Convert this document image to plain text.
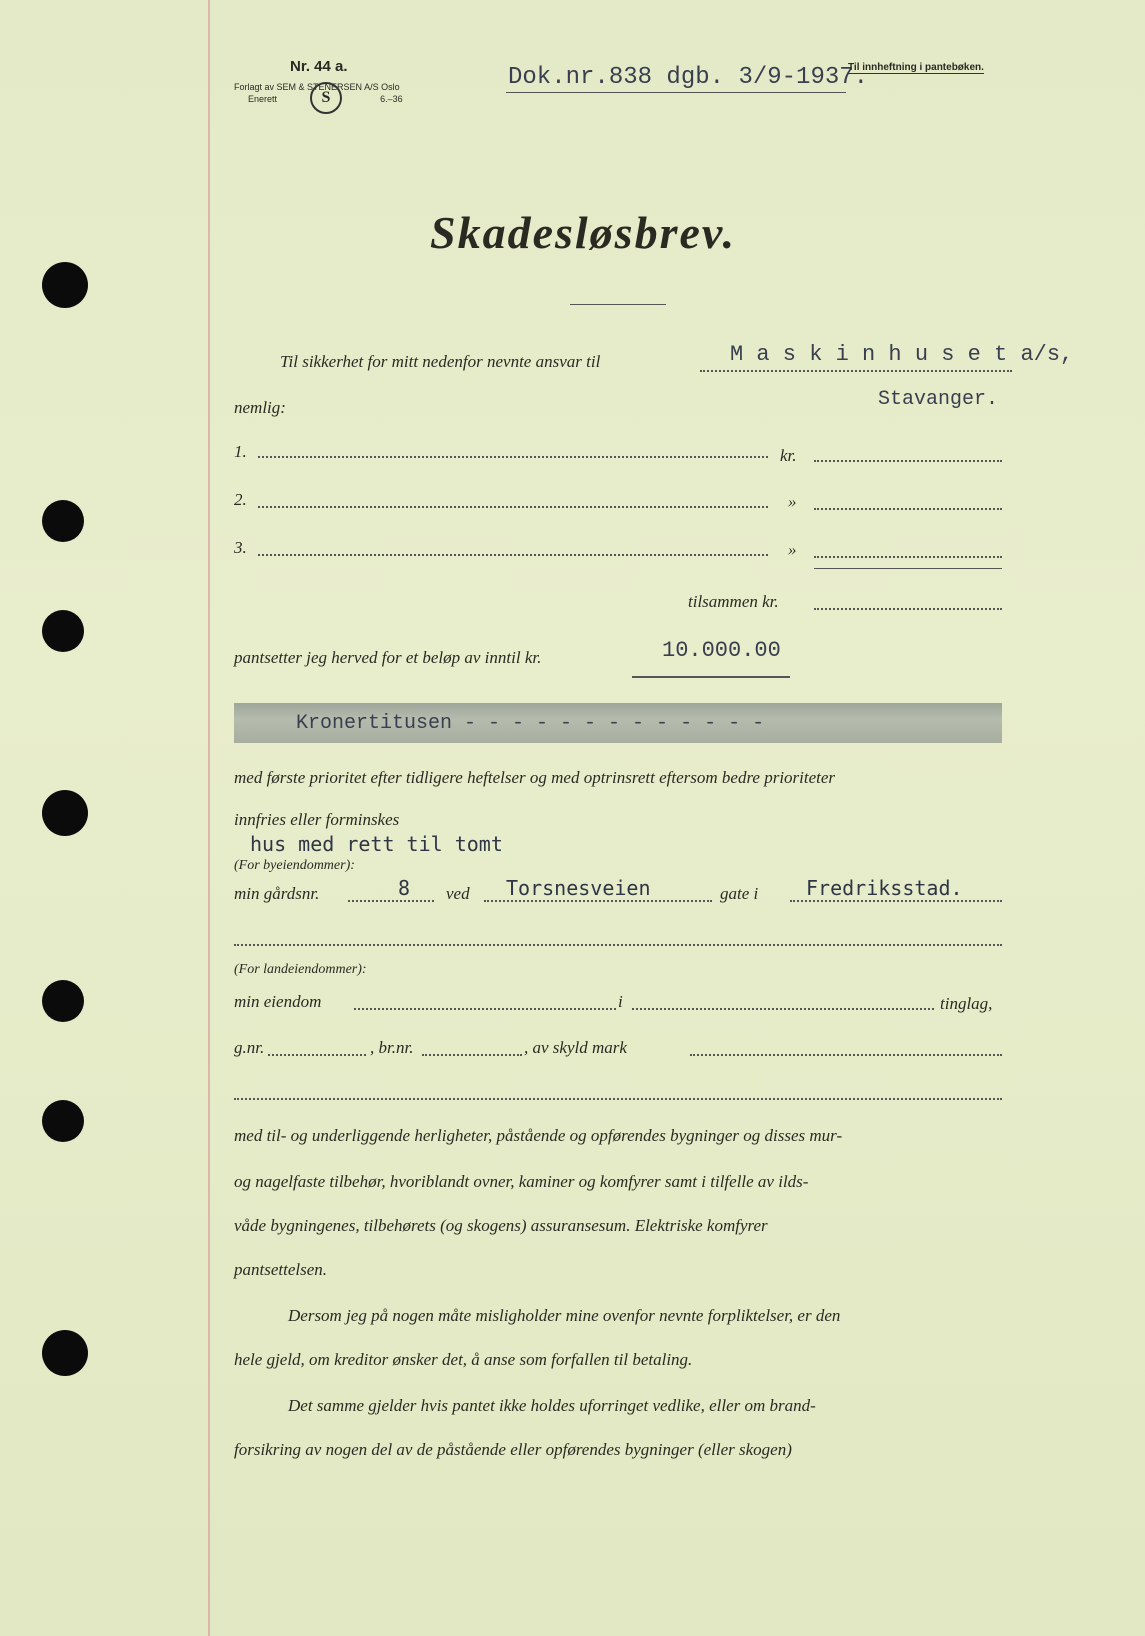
Nr. 44 a.
Forlagt av SEM & STENERSEN A/S Oslo
Enerett	6.–36
S
Dok.nr.838 dgb. 3/9-1937.
Til innheftning i pantebøken.
Skadesløsbrev.
Til sikkerhet for mitt nedenfor nevnte ansvar til	M a s k i n h u s e t a/s,
nemlig:	Stavanger.
1.	kr.
2.	»
3.	»
tilsammen kr.
pantsetter jeg herved for et beløp av inntil kr.	10.000.00
Kronertitusen - - - - - - - - - - - - -
med første prioritet efter tidligere heftelser og med optrinsrett eftersom bedre prioriteter
innfries eller forminskes
hus med rett til tomt
(For byeiendommer):
min gårdsnr.	8 ved Torsnesveien	gate i Fredriksstad.
(For landeiendommer):
min eiendom	i	tinglag,
g.nr.	, br.nr.	, av skyld mark
med til- og underliggende herligheter, påstående og opførendes bygninger og disses mur-
og nagelfaste tilbehør, hvoriblandt ovner, kaminer og komfyrer samt i tilfelle av ilds-
våde bygningenes, tilbehørets (og skogens) assuransesum. Elektriske komfyrer
pantsettelsen.
Dersom jeg på nogen måte misligholder mine ovenfor nevnte forpliktelser, er den
hele gjeld, om kreditor ønsker det, å anse som forfallen til betaling.
Det samme gjelder hvis pantet ikke holdes uforringet vedlike, eller om brand-
forsikring av nogen del av de påstående eller opførendes bygninger (eller skogen)
